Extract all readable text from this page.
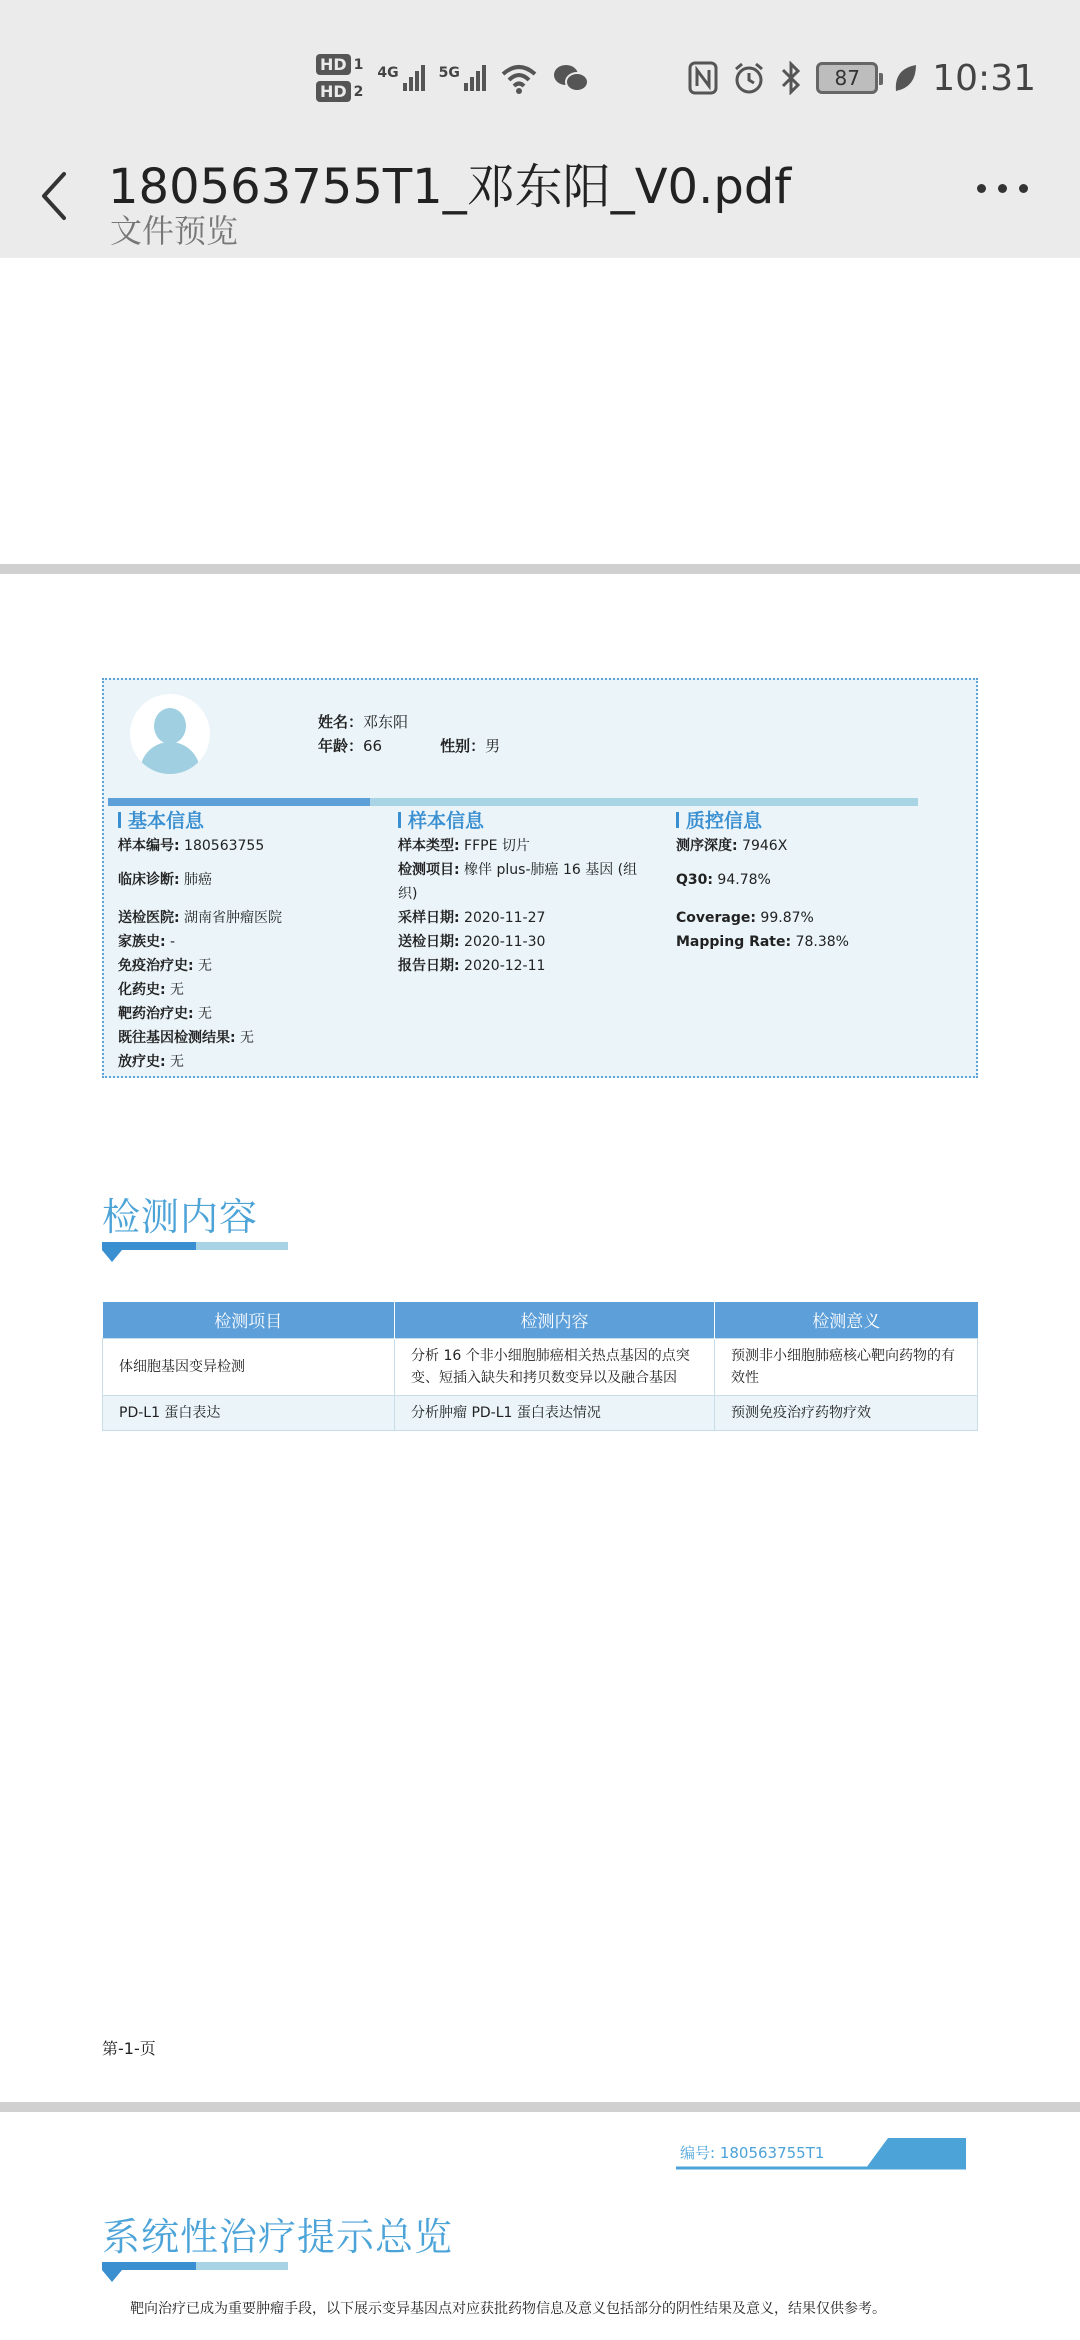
HD 1
HD 2
4G	5G	87 10:31
180563755T1_邓东阳_V0.pdf
文件预览
姓名： 邓东阳
年龄： 66	性别： 男
基本信息	样本信息	质控信息
样本编号: 180563755
临床诊断: 肺癌
送检医院: 湖南省肿瘤医院
家族史: -
免疫治疗史: 无
化药史: 无
靶药治疗史: 无
既往基因检测结果: 无
放疗史: 无
样本类型: FFPE 切片
检测项目: 橡伴 plus-肺癌 16 基因 (组
织)
采样日期: 2020-11-27
送检日期: 2020-11-30
报告日期: 2020-12-11
测序深度: 7946X
Q30: 94.78%
Coverage: 99.87%
Mapping Rate: 78.38%
检测内容
检测项目	检测内容	检测意义
体细胞基因变异检测	分析 16 个非小细胞肺癌相关热点基因的点突变、短插入缺失和拷贝数变异以及融合基因	预测非小细胞肺癌核心靶向药物的有效性
PD-L1 蛋白表达	分析肿瘤 PD-L1 蛋白表达情况	预测免疫治疗药物疗效
第-1-页
编号: 180563755T1
系统性治疗提示总览
靶向治疗已成为重要肿瘤手段，以下展示变异基因点对应获批药物信息及意义包括部分的阴性结果及意义，结果仅供参考。
